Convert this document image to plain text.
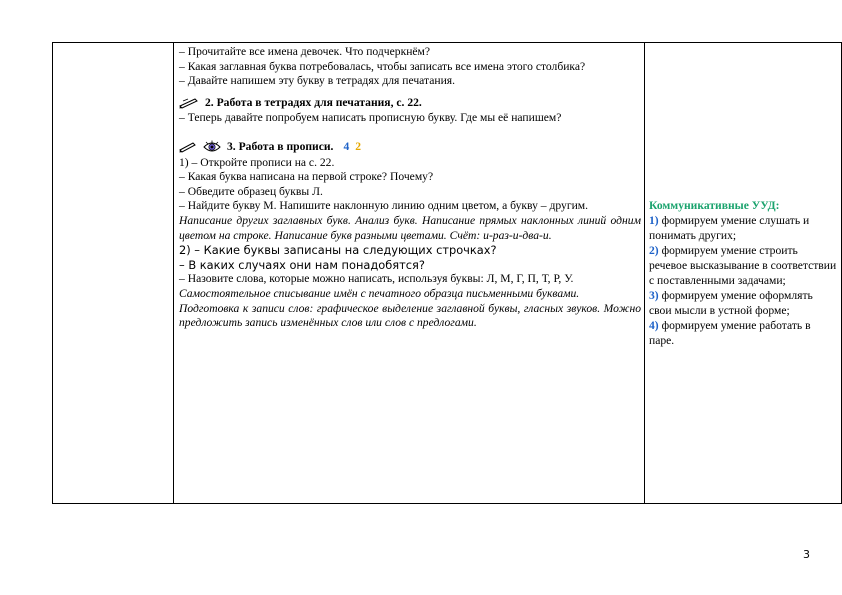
– Прочитайте все имена девочек. Что подчеркнём?

– Какая заглавная буква потребовалась, чтобы записать все имена этого столбика?

– Давайте напишем эту букву в тетрадях для печатания.

2. Работа в тетрадях для печатания, с. 22.

– Теперь давайте попробуем написать прописную букву. Где мы её напишем?

3. Работа в прописи. 4 2

1) – Откройте прописи на с. 22.

– Какая буква написана на первой строке? Почему?

– Обведите образец буквы Л.

– Найдите букву М. Напишите наклонную линию одним цветом, а букву – другим.

Написание других заглавных букв. Анализ букв. Написание прямых наклонных линий одним цветом на строке. Написание букв разными цветами. Счёт: и-раз-и-два-и.

2) – Какие буквы записаны на следующих строчках?

– В каких случаях они нам понадобятся?

– Назовите слова, которые можно написать, используя буквы: Л, М, Г, П, Т, Р, У.

Самостоятельное списывание имён с печатного образца письменными буквами.

Подготовка к записи слов: графическое выделение заглавной буквы, гласных звуков. Можно предложить запись изменённых слов или слов с предлогами.

Коммуникативные УУД:
1) формируем умение слушать и понимать других;
2) формируем умение строить речевое высказывание в соответствии с поставленными задачами;
3) формируем умение оформлять свои мысли в устной форме;
4) формируем умение работать в паре.
3
